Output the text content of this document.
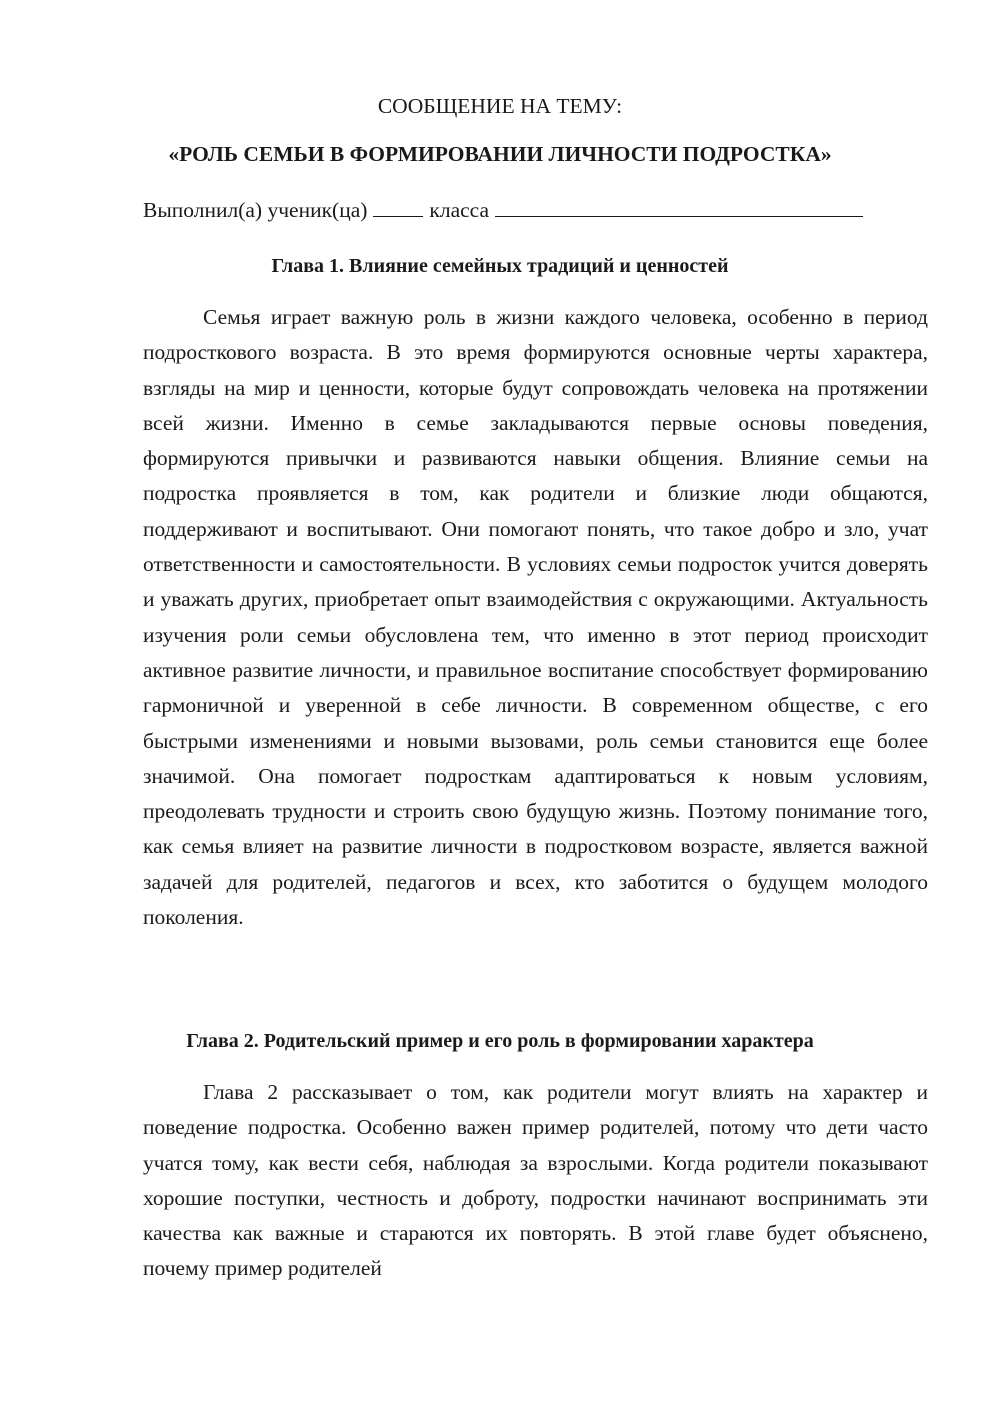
СООБЩЕНИЕ НА ТЕМУ:
«РОЛЬ СЕМЬИ В ФОРМИРОВАНИИ ЛИЧНОСТИ ПОДРОСТКА»
Выполнил(а) ученик(ца)	класса
Глава 1. Влияние семейных традиций и ценностей

Семья играет важную роль в жизни каждого человека, особенно в период подросткового возраста. В это время формируются основные черты характера, взгляды на мир и ценности, которые будут сопровождать человека на протяжении всей жизни. Именно в семье закладываются первые основы поведения, формируются привычки и развиваются навыки общения. Влияние семьи на подростка проявляется в том, как родители и близкие люди общаются, поддерживают и воспитывают. Они помогают понять, что такое добро и зло, учат ответственности и самостоятельности. В условиях семьи подросток учится доверять и уважать других, приобретает опыт взаимодействия с окружающими. Актуальность изучения роли семьи обусловлена тем, что именно в этот период происходит активное развитие личности, и правильное воспитание способствует формированию гармоничной и уверенной в себе личности. В современном обществе, с его быстрыми изменениями и новыми вызовами, роль семьи становится еще более значимой. Она помогает подросткам адаптироваться к новым условиям, преодолевать трудности и строить свою будущую жизнь. Поэтому понимание того, как семья влияет на развитие личности в подростковом возрасте, является важной задачей для родителей, педагогов и всех, кто заботится о будущем молодого поколения.

Глава 2. Родительский пример и его роль в формировании характера

Глава 2 рассказывает о том, как родители могут влиять на характер и поведение подростка. Особенно важен пример родителей, потому что дети часто учатся тому, как вести себя, наблюдая за взрослыми. Когда родители показывают хорошие поступки, честность и доброту, подростки начинают воспринимать эти качества как важные и стараются их повторять. В этой главе будет объяснено, почему пример родителей
